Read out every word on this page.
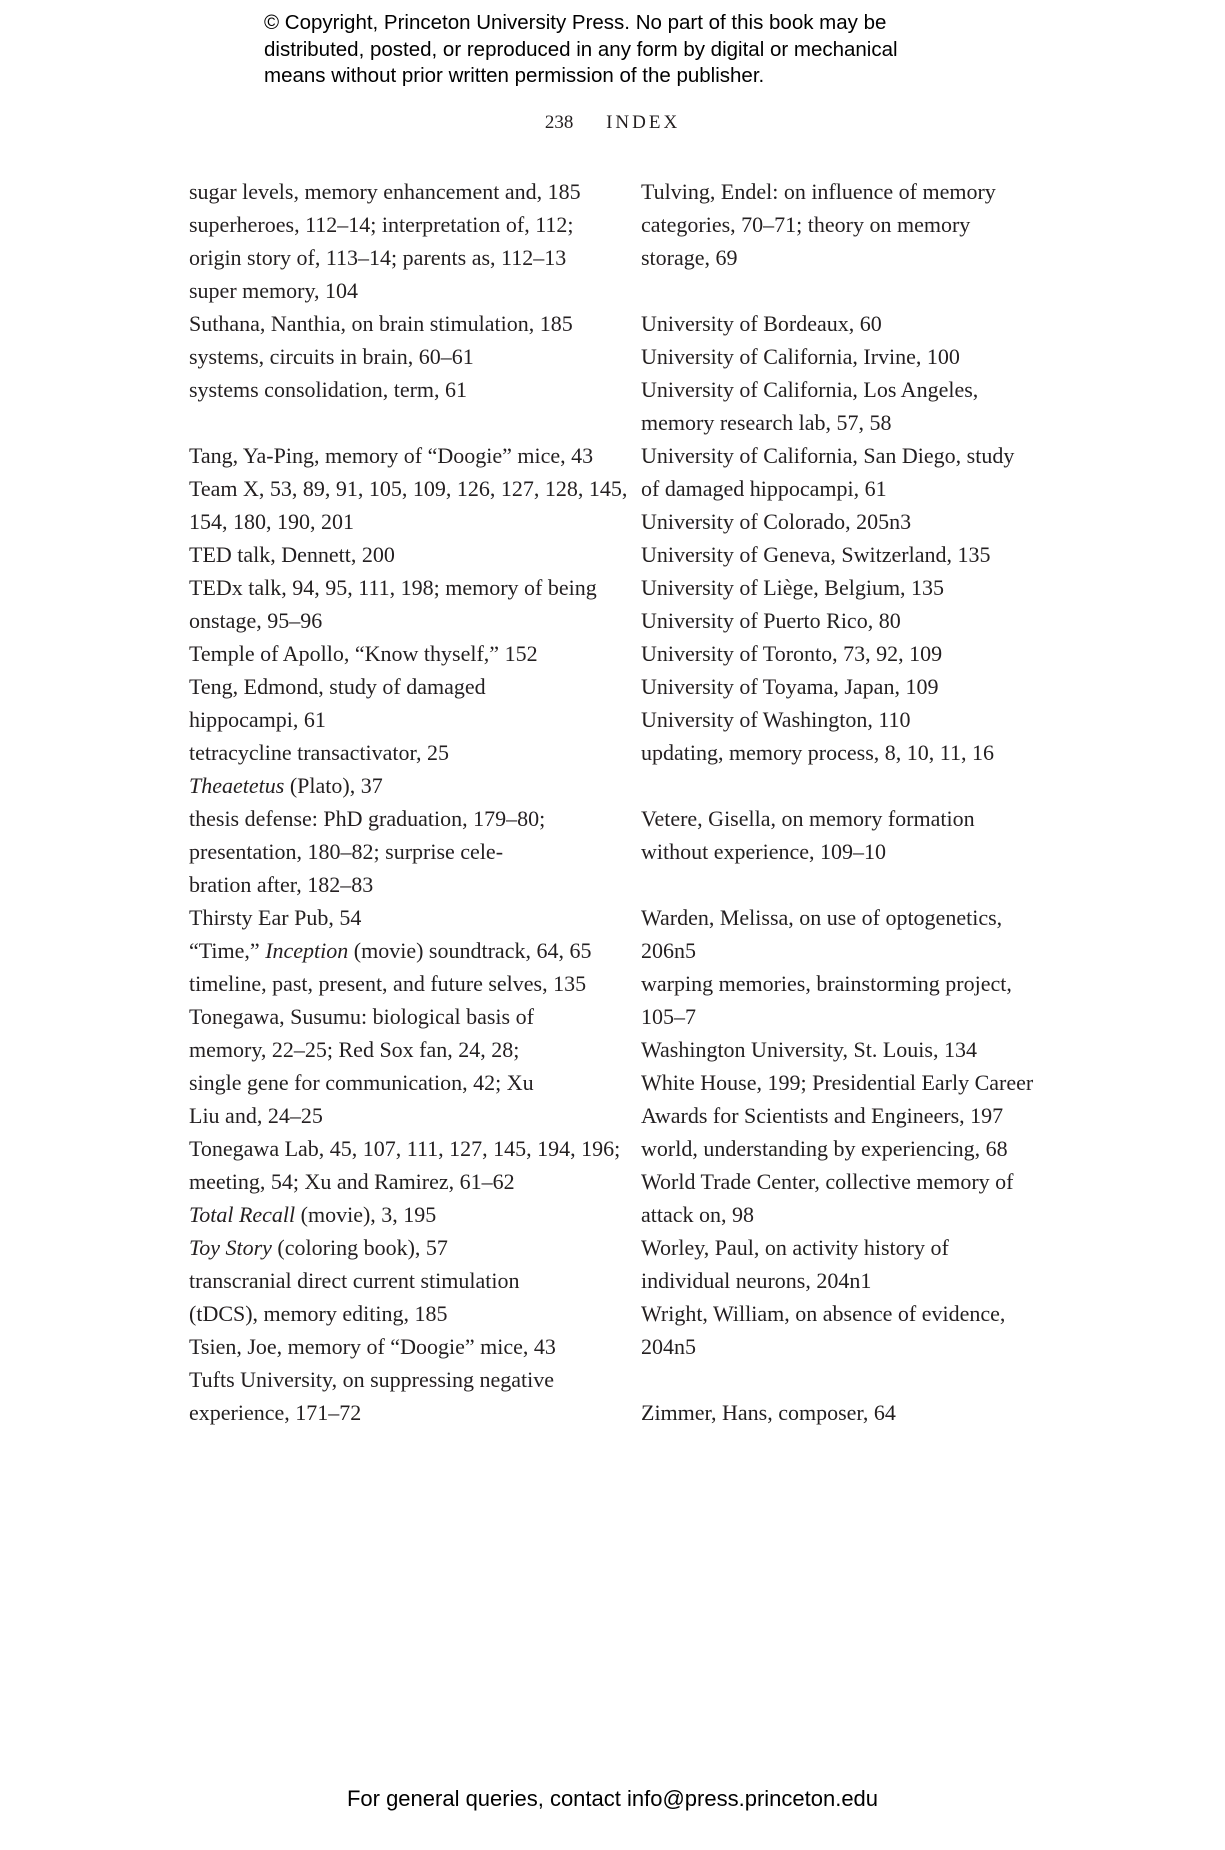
© Copyright, Princeton University Press. No part of this book may be
distributed, posted, or reproduced in any form by digital or mechanical
means without prior written permission of the publisher.
238 INDEX

sugar levels, memory enhancement and, 185

superheroes, 112–14; interpretation of, 112;
origin story of, 113–14; parents as, 112–13

super memory, 104

Suthana, Nanthia, on brain stimulation, 185

systems, circuits in brain, 60–61

systems consolidation, term, 61

Tang, Ya-Ping, memory of “Doogie” mice, 43

Team X, 53, 89, 91, 105, 109, 126, 127, 128, 145,
154, 180, 190, 201

TED talk, Dennett, 200

TEDx talk, 94, 95, 111, 198; memory of being
onstage, 95–96

Temple of Apollo, “Know thyself,” 152

Teng, Edmond, study of damaged
hippocampi, 61

tetracycline transactivator, 25

Theaetetus (Plato), 37

thesis defense: PhD graduation, 179–80;
presentation, 180–82; surprise cele-
bration after, 182–83

Thirsty Ear Pub, 54

“Time,” Inception (movie) soundtrack, 64, 65

timeline, past, present, and future selves, 135

Tonegawa, Susumu: biological basis of
memory, 22–25; Red Sox fan, 24, 28;
single gene for communication, 42; Xu
Liu and, 24–25

Tonegawa Lab, 45, 107, 111, 127, 145, 194, 196;
meeting, 54; Xu and Ramirez, 61–62

Total Recall (movie), 3, 195

Toy Story (coloring book), 57

transcranial direct current stimulation
(tDCS), memory editing, 185

Tsien, Joe, memory of “Doogie” mice, 43

Tufts University, on suppressing negative
experience, 171–72

Tulving, Endel: on influence of memory
categories, 70–71; theory on memory
storage, 69

University of Bordeaux, 60

University of California, Irvine, 100

University of California, Los Angeles,
memory research lab, 57, 58

University of California, San Diego, study
of damaged hippocampi, 61

University of Colorado, 205n3

University of Geneva, Switzerland, 135

University of Liège, Belgium, 135

University of Puerto Rico, 80

University of Toronto, 73, 92, 109

University of Toyama, Japan, 109

University of Washington, 110

updating, memory process, 8, 10, 11, 16

Vetere, Gisella, on memory formation
without experience, 109–10

Warden, Melissa, on use of optogenetics,
206n5

warping memories, brainstorming project,
105–7

Washington University, St. Louis, 134

White House, 199; Presidential Early Career
Awards for Scientists and Engineers, 197

world, understanding by experiencing, 68

World Trade Center, collective memory of
attack on, 98

Worley, Paul, on activity history of
individual neurons, 204n1

Wright, William, on absence of evidence,
204n5

Zimmer, Hans, composer, 64

For general queries, contact info@press.princeton.edu
